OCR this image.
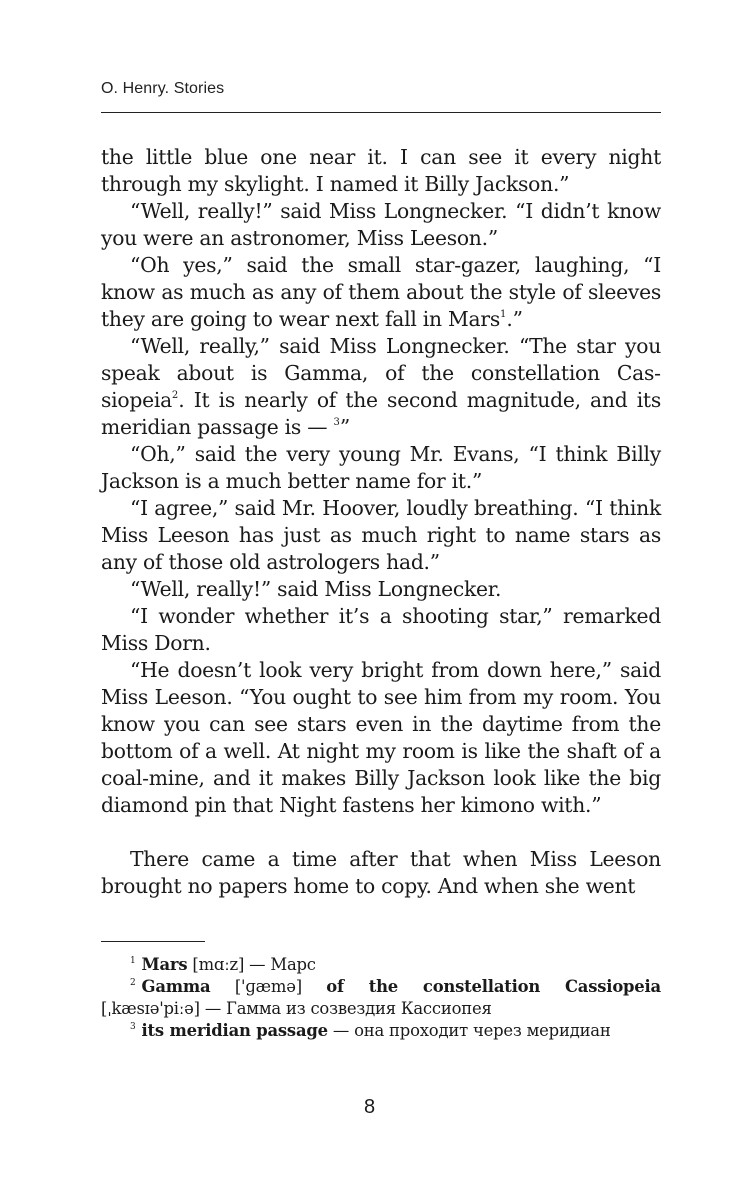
O. Henry. Stories

the little blue one near it. I can see it every night through my skylight. I named it Billy Jackson.”

“Well, really!” said Miss Longnecker. “I didn’t know you were an astronomer, Miss Leeson.”

“Oh yes,” said the small star-gazer, laughing, “I know as much as any of them about the style of sleeves they are going to wear next fall in Mars$^1$.”

“Well, really,” said Miss Longnecker. “The star you speak about is Gamma, of the constellation Cassiopeia$^2$. It is nearly of the second magnitude, and its meridian passage is — $^3$”

“Oh,” said the very young Mr. Evans, “I think Billy Jackson is a much better name for it.”

“I agree,” said Mr. Hoover, loudly breathing. “I think Miss Leeson has just as much right to name stars as any of those old astrologers had.”

“Well, really!” said Miss Longnecker.

“I wonder whether it’s a shooting star,” remarked Miss Dorn.

“He doesn’t look very bright from down here,” said Miss Leeson. “You ought to see him from my room. You know you can see stars even in the daytime from the bottom of a well. At night my room is like the shaft of a coal-mine, and it makes Billy Jackson look like the big diamond pin that Night fastens her kimono with.”

There came a time after that when Miss Leeson brought no papers home to copy. And when she went

$^1$ Mars [mɑːz] — Марс

$^2$ Gamma ['ɡæmə] of the constellation Cassiopeia [ˌkæsɪə'piːə] — Гамма из созвездия Кассиопея

$^3$ its meridian passage — она проходит через меридиан

8
